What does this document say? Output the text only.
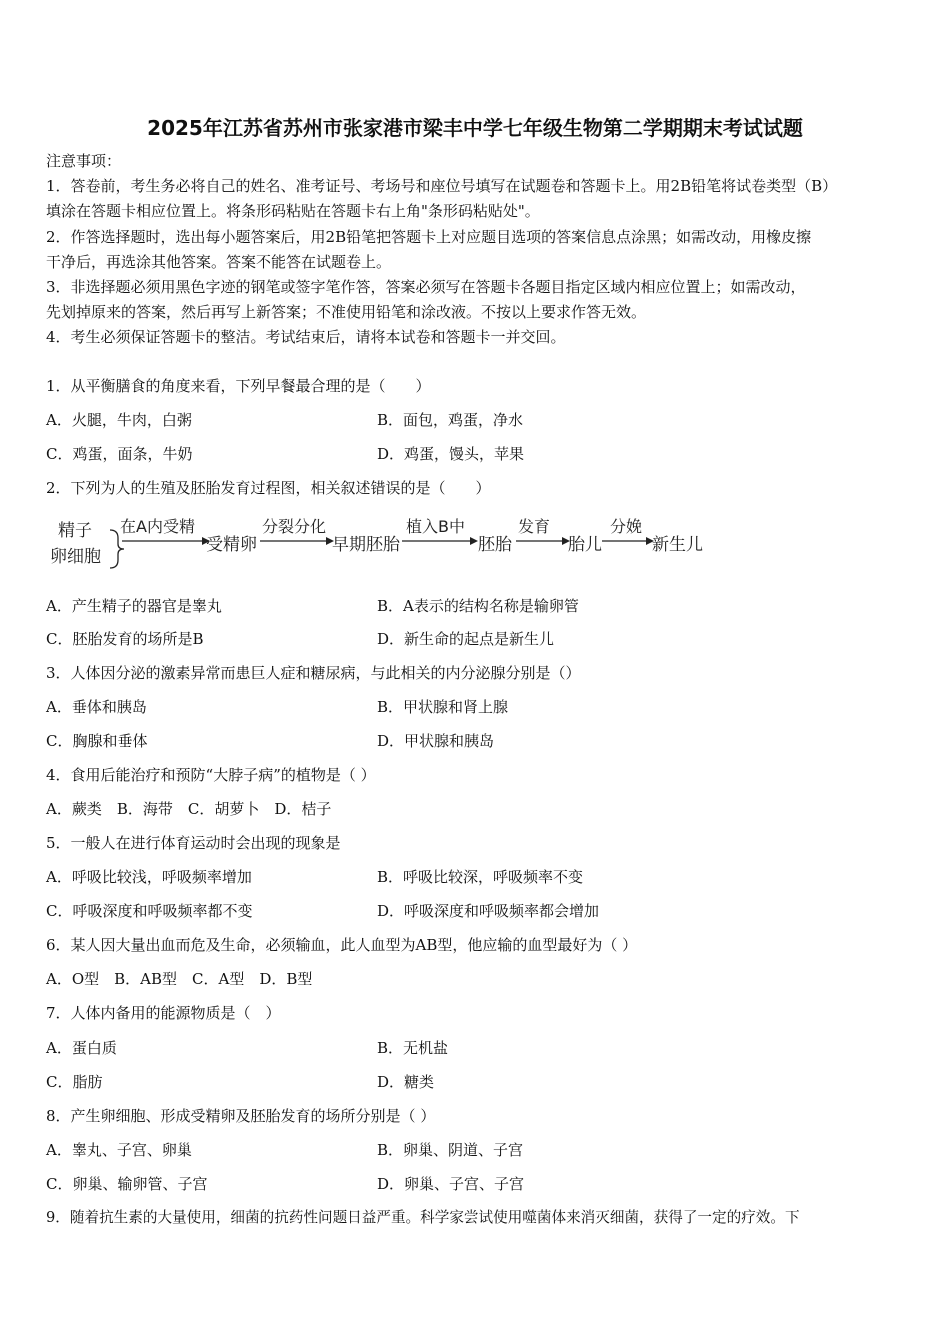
2025年江苏省苏州市张家港市梁丰中学七年级生物第二学期期末考试试题
注意事项：
1．答卷前，考生务必将自己的姓名、准考证号、考场号和座位号填写在试题卷和答题卡上。用2B铅笔将试卷类型（B）
填涂在答题卡相应位置上。将条形码粘贴在答题卡右上角"条形码粘贴处"。
2．作答选择题时，选出每小题答案后，用2B铅笔把答题卡上对应题目选项的答案信息点涂黑；如需改动，用橡皮擦
干净后，再选涂其他答案。答案不能答在试题卷上。
3．非选择题必须用黑色字迹的钢笔或签字笔作答，答案必须写在答题卡各题目指定区域内相应位置上；如需改动，
先划掉原来的答案，然后再写上新答案；不准使用铅笔和涂改液。不按以上要求作答无效。
4．考生必须保证答题卡的整洁。考试结束后，请将本试卷和答题卡一并交回。
1．从平衡膳食的角度来看，下列早餐最合理的是（　　）
A．火腿，牛肉，白粥	B．面包，鸡蛋，净水
C．鸡蛋，面条，牛奶	D．鸡蛋，馒头，苹果
2．下列为人的生殖及胚胎发育过程图，相关叙述错误的是（　　）
精子
卵细胞
在A内受精
受精卵
分裂分化
早期胚胎
植入B中
胚胎
发育
胎儿
分娩
新生儿
A．产生精子的器官是睾丸	B．A表示的结构名称是输卵管
C．胚胎发育的场所是B	D．新生命的起点是新生儿
3．人体因分泌的激素异常而患巨人症和糖尿病，与此相关的内分泌腺分别是（）
A．垂体和胰岛	B．甲状腺和肾上腺
C．胸腺和垂体	D．甲状腺和胰岛
4．食用后能治疗和预防“大脖子病”的植物是（ ）
A．蕨类　B．海带　C．胡萝卜　D．桔子
5．一般人在进行体育运动时会出现的现象是
A．呼吸比较浅，呼吸频率增加	B．呼吸比较深，呼吸频率不变
C．呼吸深度和呼吸频率都不变	D．呼吸深度和呼吸频率都会增加
6．某人因大量出血而危及生命，必须输血，此人血型为AB型，他应输的血型最好为（ ）
A．O型　B．AB型　C．A型　D．B型
7．人体内备用的能源物质是（　）
A．蛋白质	B．无机盐
C．脂肪	D．糖类
8．产生卵细胞、形成受精卵及胚胎发育的场所分别是（ ）
A．睾丸、子宫、卵巢	B．卵巢、阴道、子宫
C．卵巢、输卵管、子宫	D．卵巢、子宫、子宫
9．随着抗生素的大量使用，细菌的抗药性问题日益严重。科学家尝试使用噬菌体来消灭细菌，获得了一定的疗效。下
